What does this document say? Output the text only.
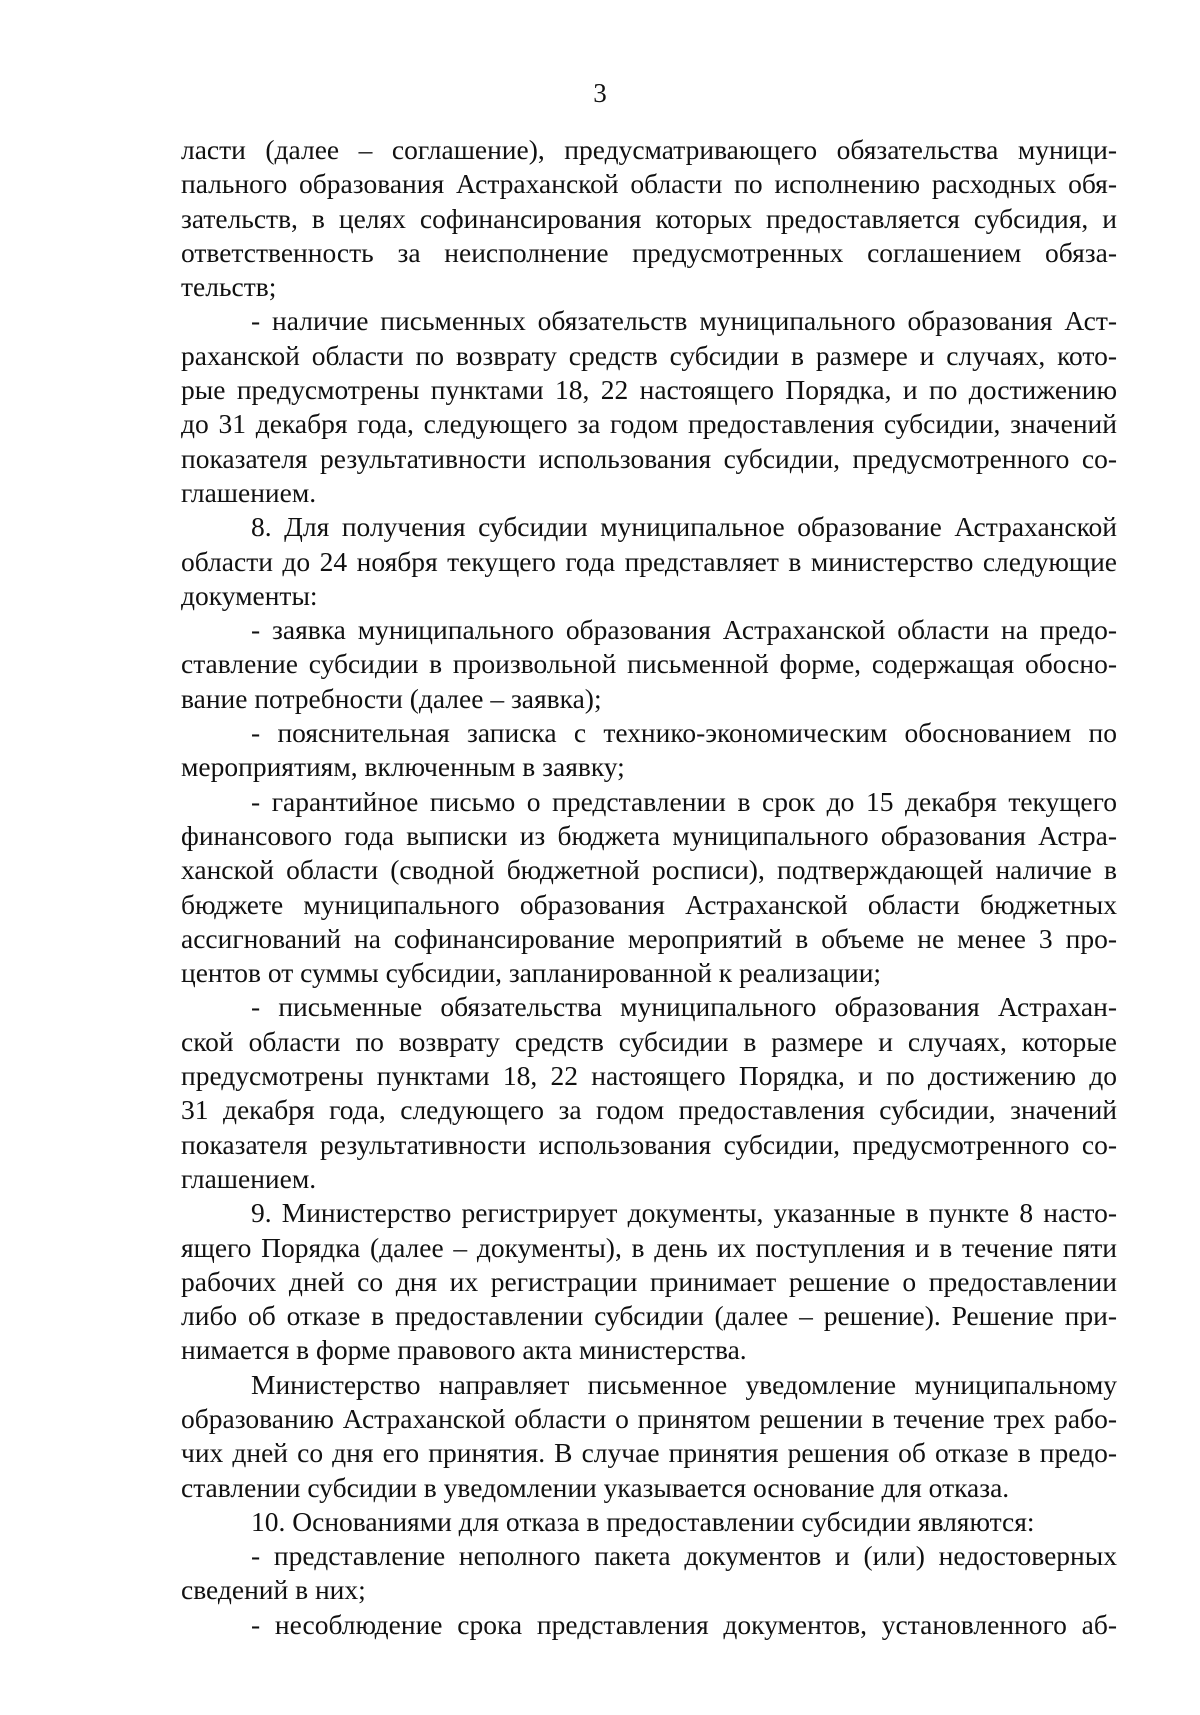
3
ласти (далее – соглашение), предусматривающего обязательства муници-
пального образования Астраханской области по исполнению расходных обя-
зательств, в целях софинансирования которых предоставляется субсидия, и
ответственность за неисполнение предусмотренных соглашением обяза-
тельств;
- наличие письменных обязательств муниципального образования Аст-
раханской области по возврату средств субсидии в размере и случаях, кото-
рые предусмотрены пунктами 18, 22 настоящего Порядка, и по достижению
до 31 декабря года, следующего за годом предоставления субсидии, значений
показателя результативности использования субсидии, предусмотренного со-
глашением.
8. Для получения субсидии муниципальное образование Астраханской
области до 24 ноября текущего года представляет в министерство следующие
документы:
- заявка муниципального образования Астраханской области на предо-
ставление субсидии в произвольной письменной форме, содержащая обосно-
вание потребности (далее – заявка);
- пояснительная записка с технико-экономическим обоснованием по
мероприятиям, включенным в заявку;
- гарантийное письмо о представлении в срок до 15 декабря текущего
финансового года выписки из бюджета муниципального образования Астра-
ханской области (сводной бюджетной росписи), подтверждающей наличие в
бюджете муниципального образования Астраханской области бюджетных
ассигнований на софинансирование мероприятий в объеме не менее 3 про-
центов от суммы субсидии, запланированной к реализации;
- письменные обязательства муниципального образования Астрахан-
ской области по возврату средств субсидии в размере и случаях, которые
предусмотрены пунктами 18, 22 настоящего Порядка, и по достижению до
31 декабря года, следующего за годом предоставления субсидии, значений
показателя результативности использования субсидии, предусмотренного со-
глашением.
9. Министерство регистрирует документы, указанные в пункте 8 насто-
ящего Порядка (далее – документы), в день их поступления и в течение пяти
рабочих дней со дня их регистрации принимает решение о предоставлении
либо об отказе в предоставлении субсидии (далее – решение). Решение при-
нимается в форме правового акта министерства.
Министерство направляет письменное уведомление муниципальному
образованию Астраханской области о принятом решении в течение трех рабо-
чих дней со дня его принятия. В случае принятия решения об отказе в предо-
ставлении субсидии в уведомлении указывается основание для отказа.
10. Основаниями для отказа в предоставлении субсидии являются:
- представление неполного пакета документов и (или) недостоверных
сведений в них;
- несоблюдение срока представления документов, установленного аб-
